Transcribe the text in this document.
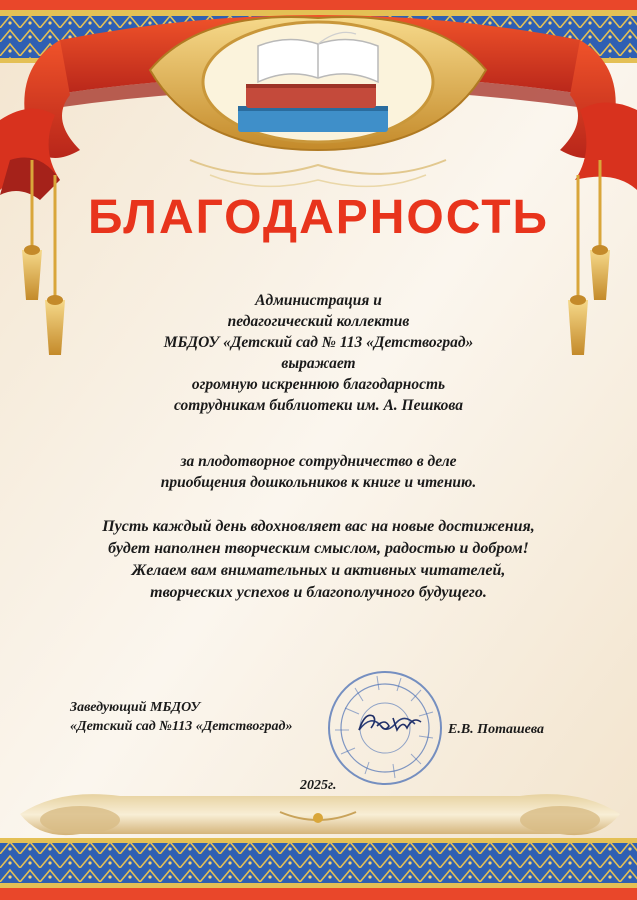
БЛАГОДАРНОСТЬ
Администрация и
педагогический коллектив
МБДОУ «Детский сад № 113 «Детствоград»
выражает
огромную искреннюю благодарность
сотрудникам библиотеки им. А. Пешкова
за плодотворное сотрудничество в деле
приобщения дошкольников к книге и чтению.
Пусть каждый день вдохновляет вас на новые достижения,
будет наполнен творческим смыслом, радостью и добром!
Желаем вам внимательных и активных читателей,
творческих успехов и благополучного будущего.
Заведующий МБДОУ
«Детский сад №113 «Детствоград»	Е.В. Поташева
2025г.
